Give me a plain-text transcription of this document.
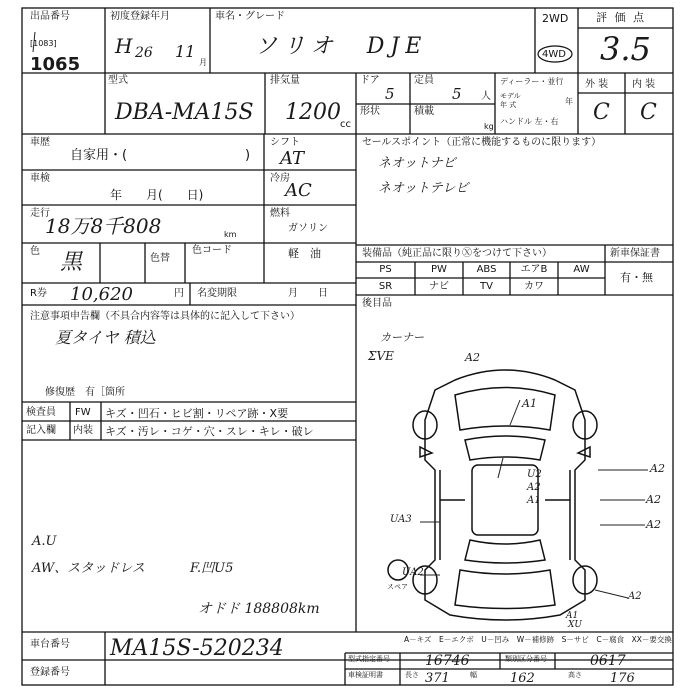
出品番号
[1083]
1065
初度登録年月
H 26 11
月
車名・グレード
ソリオ　DJE
2WD
4WD
評 価 点
3.5
型式
DBA-MA15S
排気量
1200 cc
ドア
5
定員
5 人
形状	積載
kg
ディーラー・並行
モデル
年 式	年
ハンドル 左・右
外 装 内 装
C C
車歴
自家用・(	)
シフト
AT
車検
年　　月(　　日)
冷房
AC
走行
18万8千808	km
燃料
ガソリン
軽　油
色 黒	色替
色コード
R券 10,620	円 名変期限	月　　日
注意事項申告欄（不具合内容等は具体的に記入して下さい）
夏タイヤ 積込
修復歴　有［箇所
検査員
記入欄
FW
内装
キズ・凹石・ヒビ割・リペア跡・X要
キズ・汚レ・コゲ・穴・スレ・キレ・破レ
A.U
AW、スタッドレス	F.凹U5
オドド 188808km
セールスポイント（正常に機能するものに限ります）
ネオットナビ
ネオットテレビ
装備品（純正品に限りⓍをつけて下さい）	新車保証書
有・無
PS	PW	ABS	エアB	AW
SR	ナビ	TV	カワ
後目品
カーナー
ΣVE	A2
A1
U2
A2
A1
A2
A2
A2
UA3
UA2
A2
A1
XU
スペア
A－キズ　E－エクボ　U－凹み　W－補修跡　S－サビ　C－腐食　XX－要交換
車台番号 MA15S-520234
登録番号
型式指定番号	16746	類別区分番号	0617
車検証明書	長さ 371	幅	162	高さ 176
